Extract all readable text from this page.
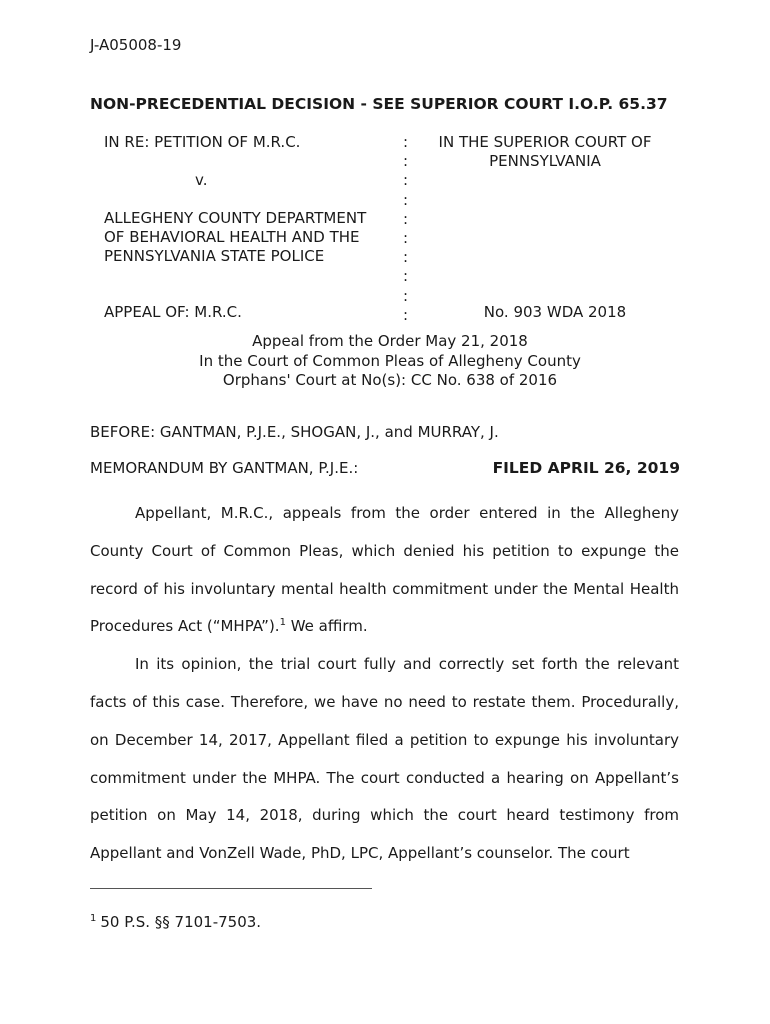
J-A05008-19
NON-PRECEDENTIAL DECISION - SEE SUPERIOR COURT I.O.P. 65.37
IN RE: PETITION OF M.R.C.
v.
ALLEGHENY COUNTY DEPARTMENT
OF BEHAVIORAL HEALTH AND THE
PENNSYLVANIA STATE POLICE
APPEAL OF: M.R.C.
:
:
:
:
:
:
:
:
:
:
IN THE SUPERIOR COURT OF
PENNSYLVANIA
No. 903 WDA 2018
Appeal from the Order May 21, 2018
In the Court of Common Pleas of Allegheny County
Orphans' Court at No(s): CC No. 638 of 2016
BEFORE: GANTMAN, P.J.E., SHOGAN, J., and MURRAY, J.
MEMORANDUM BY GANTMAN, P.J.E.:	FILED APRIL 26, 2019

Appellant, M.R.C., appeals from the order entered in the Allegheny County Court of Common Pleas, which denied his petition to expunge the record of his involuntary mental health commitment under the Mental Health Procedures Act (“MHPA”).$^1$ We affirm.

In its opinion, the trial court fully and correctly set forth the relevant facts of this case. Therefore, we have no need to restate them. Procedurally, on December 14, 2017, Appellant filed a petition to expunge his involuntary commitment under the MHPA. The court conducted a hearing on Appellant’s petition on May 14, 2018, during which the court heard testimony from Appellant and VonZell Wade, PhD, LPC, Appellant’s counselor. The court

$^1$ 50 P.S. §§ 7101-7503.
